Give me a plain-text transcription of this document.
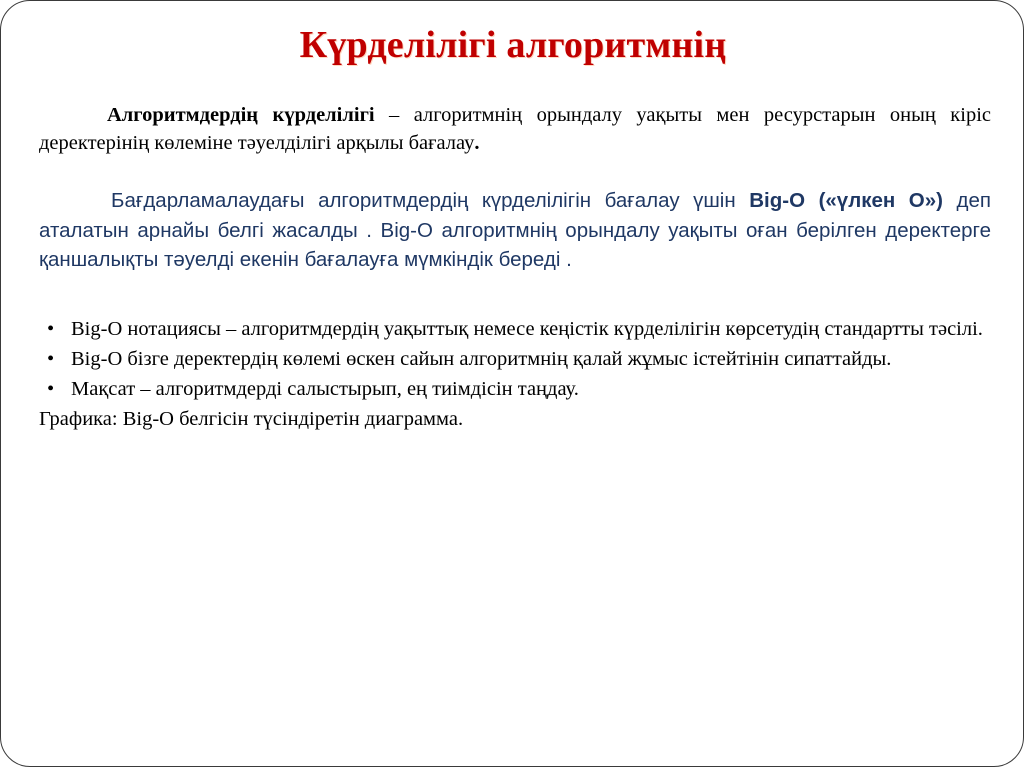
Күрделілігі алгоритмнің

Алгоритмдердің күрделілігі – алгоритмнің орындалу уақыты мен ресурстарын оның кіріс деректерінің көлеміне тәуелділігі арқылы бағалау.

Бағдарламалаудағы алгоритмдердің күрделілігін бағалау үшін Big-O («үлкен О») деп аталатын арнайы белгі жасалды . Big-O алгоритмнің орындалу уақыты оған берілген деректерге қаншалықты тәуелді екенін бағалауға мүмкіндік береді .

• Big-O нотациясы – алгоритмдердің уақыттық немесе кеңістік күрделілігін көрсетудің стандартты тәсілі.
• Big-O бізге деректердің көлемі өскен сайын алгоритмнің қалай жұмыс істейтінін сипаттайды.
• Мақсат – алгоритмдерді салыстырып, ең тиімдісін таңдау.

Графика: Big-O белгісін түсіндіретін диаграмма.
